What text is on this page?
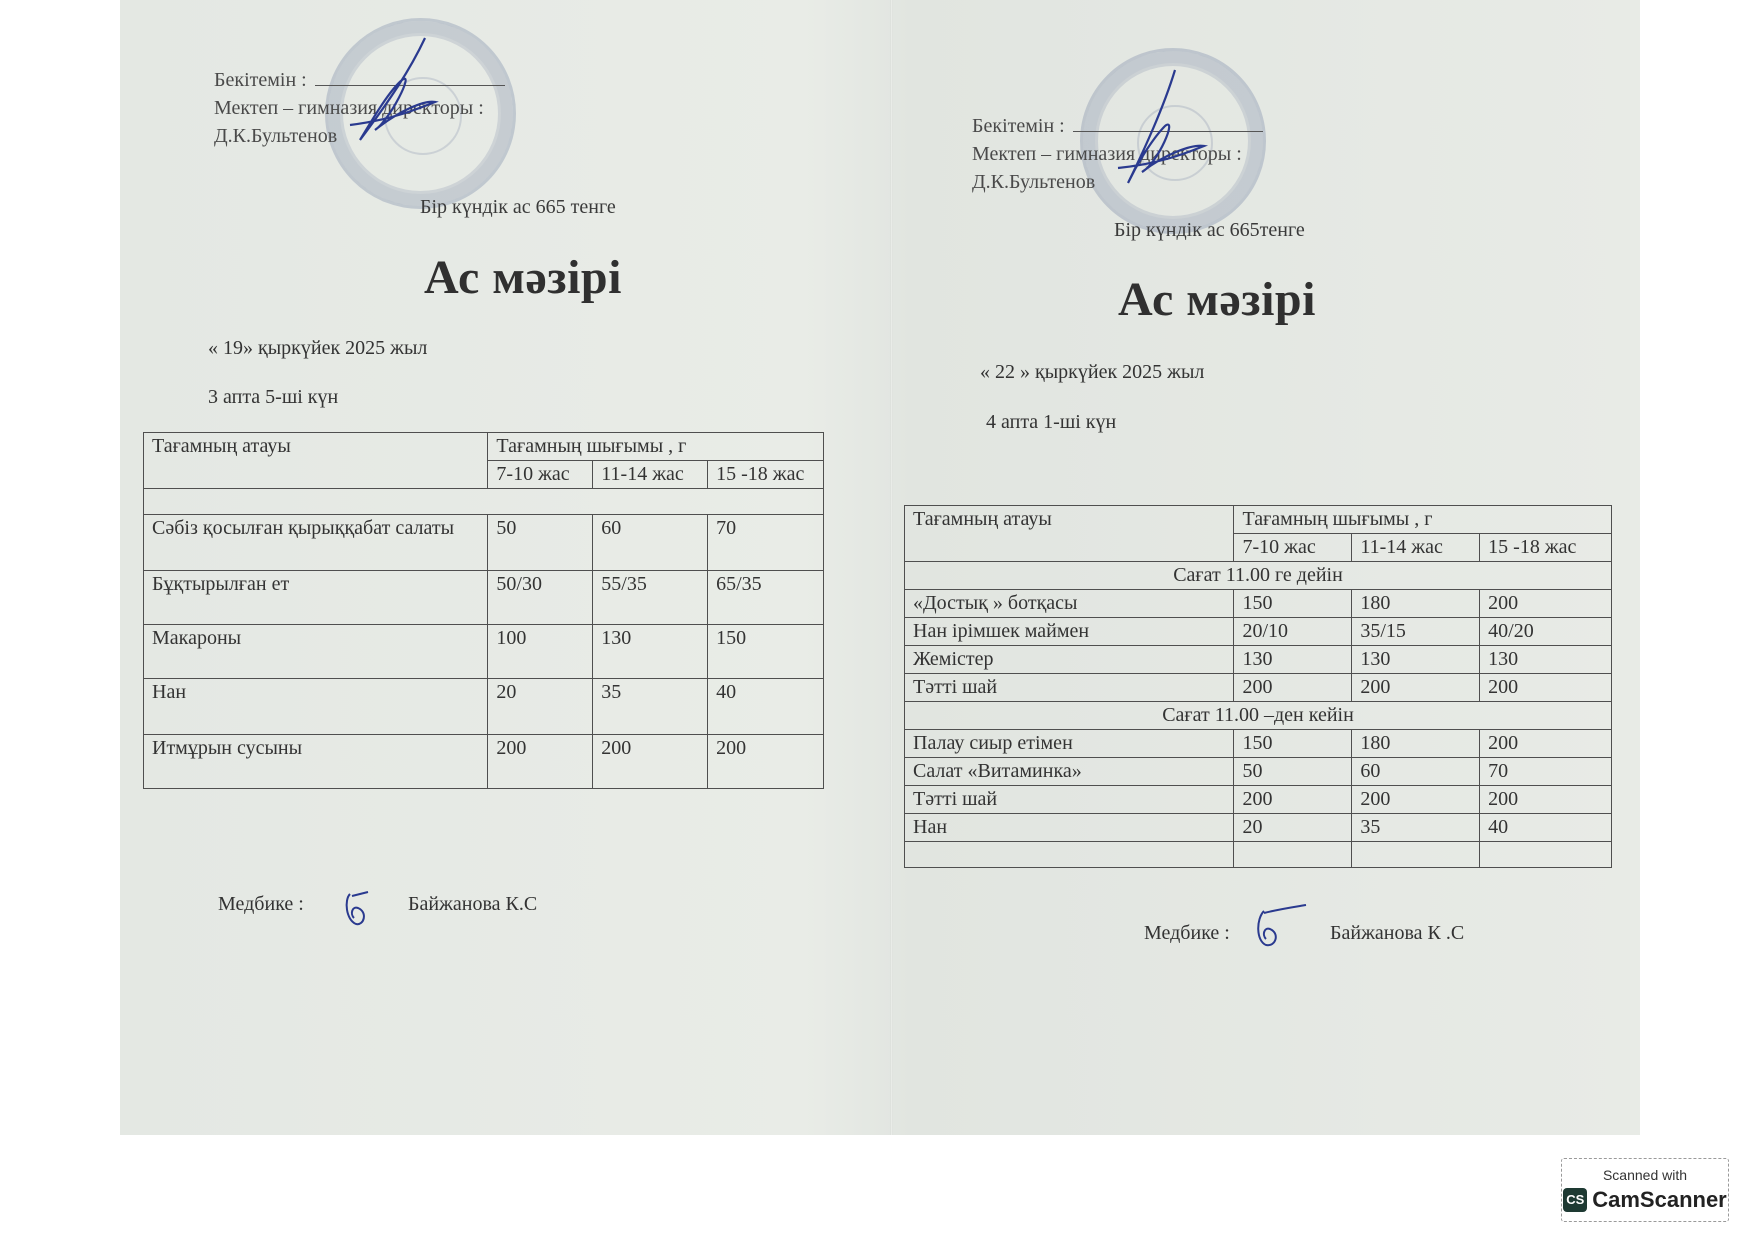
Бекітемін :
Мектеп – гимназия директоры :
Д.К.Бультенов
Бір күндік ас 665 тенге
Ас мәзірі
« 19» қыркүйек 2025 жыл
3 апта 5-ші күн
Тағамның атауы	Тағамның шығымы , г		
	7-10 жас	11-14 жас	15 -18 жас

Сәбіз қосылған қырыққабат салаты	50	60	70
Бұқтырылған ет	50/30	55/35	65/35
Макароны	100	130	150
Нан	20	35	40
Итмұрын сусыны	200	200	200
Медбике :	Байжанова К.С
Бекітемін :
Мектеп – гимназия директоры :
Д.К.Бультенов
Бір күндік ас 665тенге
Ас мәзірі
« 22 » қыркүйек 2025 жыл
4 апта 1-ші күн
Тағамның атауы	Тағамның шығымы , г		
	7-10 жас	11-14 жас	15 -18 жас
Сағат 11.00 ге дейін			
«Достық » ботқасы	150	180	200
Нан ірімшек маймен	20/10	35/15	40/20
Жемістер	130	130	130
Тәтті шай	200	200	200
Сағат 11.00 –ден кейін			
Палау сиыр етімен	150	180	200
Салат «Витаминка»	50	60	70
Тәтті шай	200	200	200
Нан	20	35	40

Медбике :	Байжанова К .С
Scanned with
CS CamScanner
